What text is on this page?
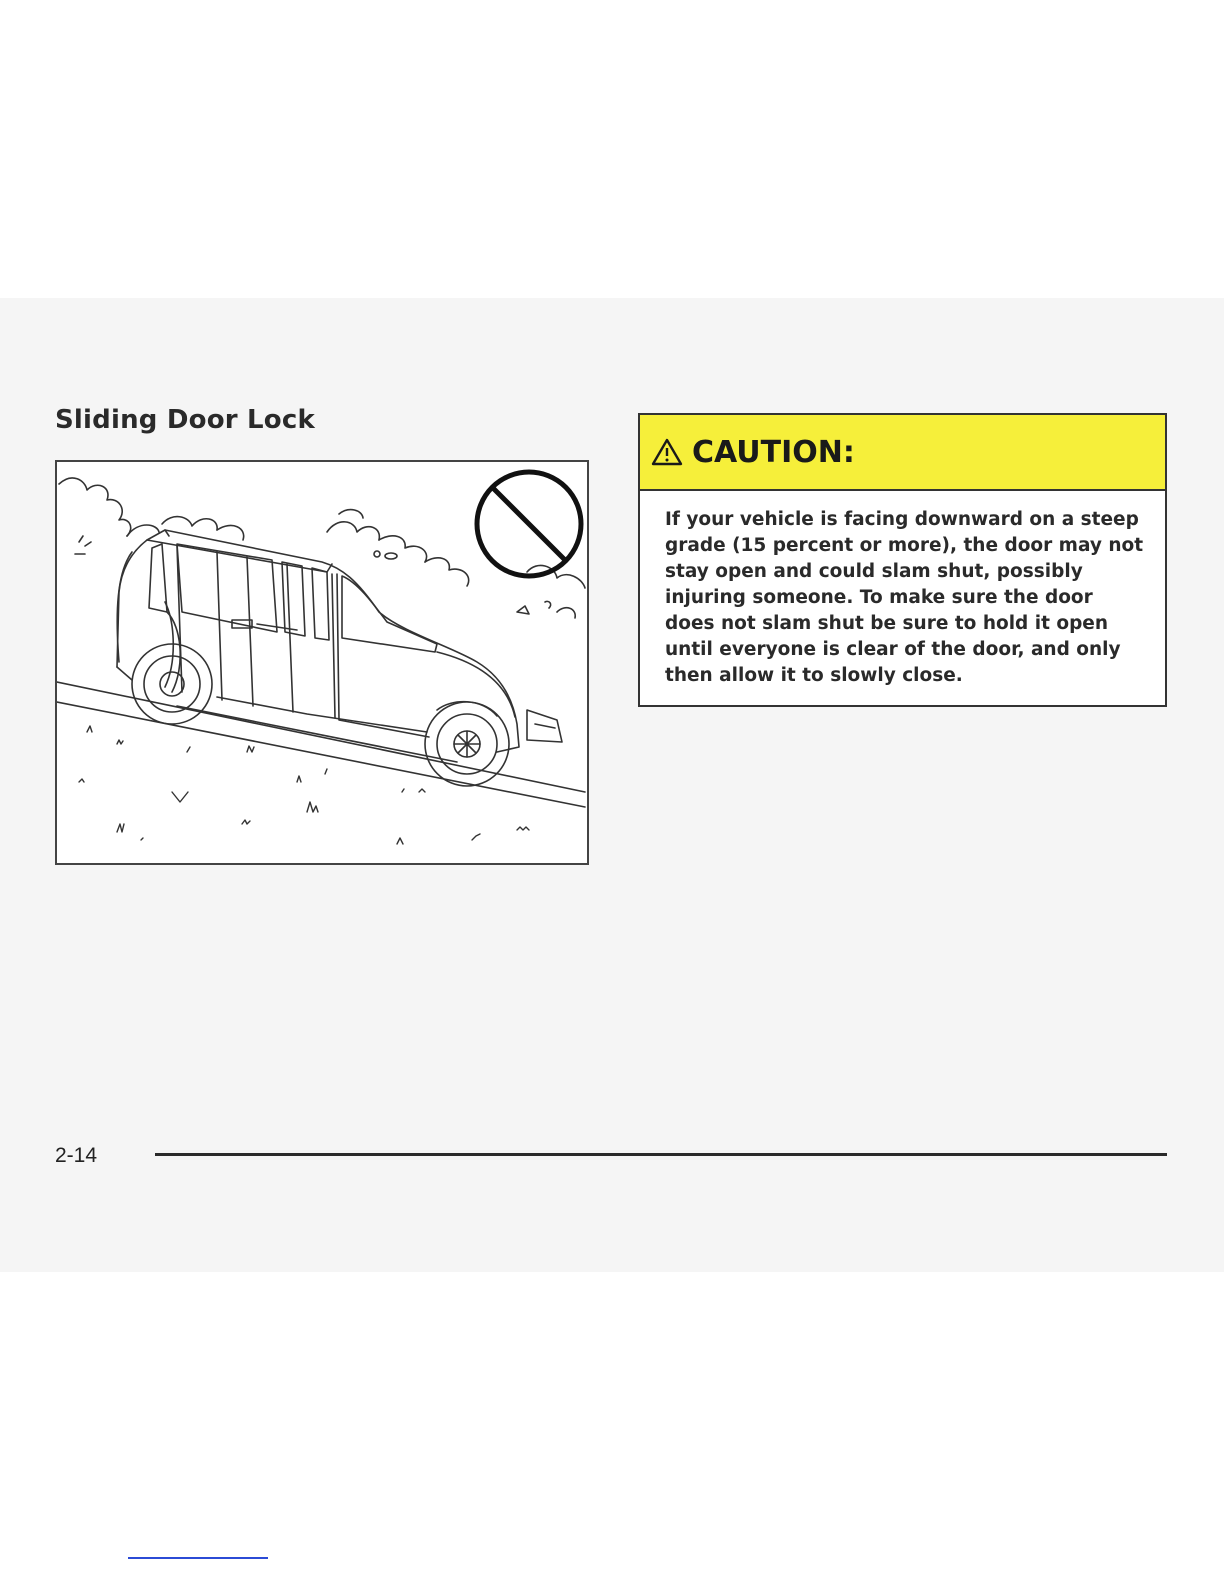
Sliding Door Lock
CAUTION:

If your vehicle is facing downward on a steep grade (15 percent or more), the door may not stay open and could slam shut, possibly injuring someone. To make sure the door does not slam shut be sure to hold it open until everyone is clear of the door, and only then allow it to slowly close.

2-14
